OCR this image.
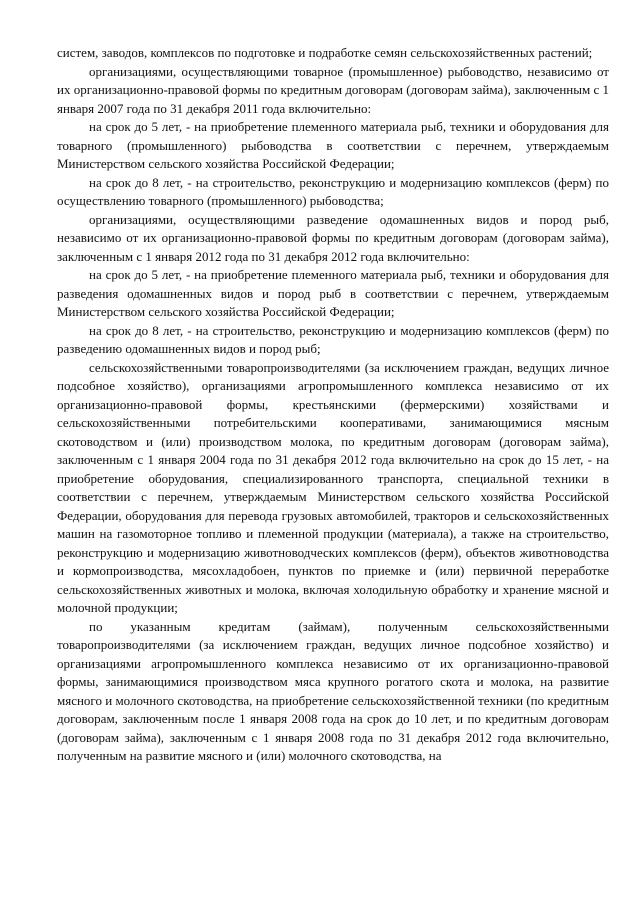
систем, заводов, комплексов по подготовке и подработке семян сельскохозяйственных растений;

организациями, осуществляющими товарное (промышленное) рыбоводство, независимо от их организационно-правовой формы по кредитным договорам (договорам займа), заключенным с 1 января 2007 года по 31 декабря 2011 года включительно:

на срок до 5 лет, - на приобретение племенного материала рыб, техники и оборудования для товарного (промышленного) рыбоводства в соответствии с перечнем, утверждаемым Министерством сельского хозяйства Российской Федерации;

на срок до 8 лет, - на строительство, реконструкцию и модернизацию комплексов (ферм) по осуществлению товарного (промышленного) рыбоводства;

организациями, осуществляющими разведение одомашненных видов и пород рыб, независимо от их организационно-правовой формы по кредитным договорам (договорам займа), заключенным с 1 января 2012 года по 31 декабря 2012 года включительно:

на срок до 5 лет, - на приобретение племенного материала рыб, техники и оборудования для разведения одомашненных видов и пород рыб в соответствии с перечнем, утверждаемым Министерством сельского хозяйства Российской Федерации;

на срок до 8 лет, - на строительство, реконструкцию и модернизацию комплексов (ферм) по разведению одомашненных видов и пород рыб;

сельскохозяйственными товаропроизводителями (за исключением граждан, ведущих личное подсобное хозяйство), организациями агропромышленного комплекса независимо от их организационно-правовой формы, крестьянскими (фермерскими) хозяйствами и сельскохозяйственными потребительскими кооперативами, занимающимися мясным скотоводством и (или) производством молока, по кредитным договорам (договорам займа), заключенным с 1 января 2004 года по 31 декабря 2012 года включительно на срок до 15 лет, - на приобретение оборудования, специализированного транспорта, специальной техники в соответствии с перечнем, утверждаемым Министерством сельского хозяйства Российской Федерации, оборудования для перевода грузовых автомобилей, тракторов и сельскохозяйственных машин на газомоторное топливо и племенной продукции (материала), а также на строительство, реконструкцию и модернизацию животноводческих комплексов (ферм), объектов животноводства и кормопроизводства, мясохладобоен, пунктов по приемке и (или) первичной переработке сельскохозяйственных животных и молока, включая холодильную обработку и хранение мясной и молочной продукции;

по указанным кредитам (займам), полученным сельскохозяйственными товаропроизводителями (за исключением граждан, ведущих личное подсобное хозяйство) и организациями агропромышленного комплекса независимо от их организационно-правовой формы, занимающимися производством мяса крупного рогатого скота и молока, на развитие мясного и молочного скотоводства, на приобретение сельскохозяйственной техники (по кредитным договорам, заключенным после 1 января 2008 года на срок до 10 лет, и по кредитным договорам (договорам займа), заключенным с 1 января 2008 года по 31 декабря 2012 года включительно, полученным на развитие мясного и (или) молочного скотоводства, на
